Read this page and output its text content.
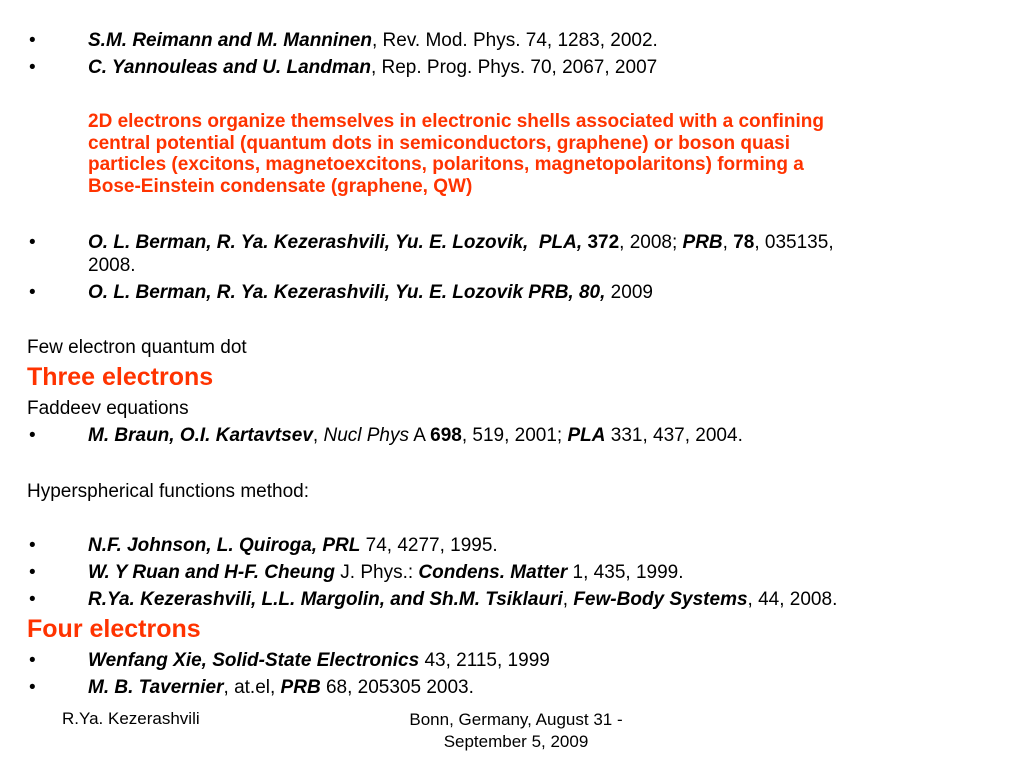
•	S.M. Reimann and M. Manninen, Rev. Mod. Phys. 74, 1283, 2002.
•	C. Yannouleas and U. Landman, Rep. Prog. Phys. 70, 2067, 2007

2D electrons organize themselves in electronic shells associated with a confining

central potential (quantum dots in semiconductors, graphene) or boson quasi

particles (excitons, magnetoexcitons, polaritons, magnetopolaritons) forming a

Bose-Einstein condensate (graphene, QW)

•	O. L. Berman, R. Ya. Kezerashvili, Yu. E. Lozovik, PLA, 372, 2008; PRB, 78, 035135,
2008.
•	O. L. Berman, R. Ya. Kezerashvili, Yu. E. Lozovik PRB, 80, 2009
Few electron quantum dot
Three electrons
Faddeev equations
•	M. Braun, O.I. Kartavtsev, Nucl Phys A 698, 519, 2001; PLA 331, 437, 2004.
Hyperspherical functions method:
•	N.F. Johnson, L. Quiroga, PRL 74, 4277, 1995.
•	W. Y Ruan and H-F. Cheung J. Phys.: Condens. Matter 1, 435, 1999.
•	R.Ya. Kezerashvili, L.L. Margolin, and Sh.M. Tsiklauri, Few-Body Systems, 44, 2008.
Four electrons
•	Wenfang Xie, Solid-State Electronics 43, 2115, 1999
•	M. B. Tavernier, at.el, PRB 68, 205305 2003.
R.Ya. Kezerashvili	Bonn, Germany, August 31 -
September 5, 2009
